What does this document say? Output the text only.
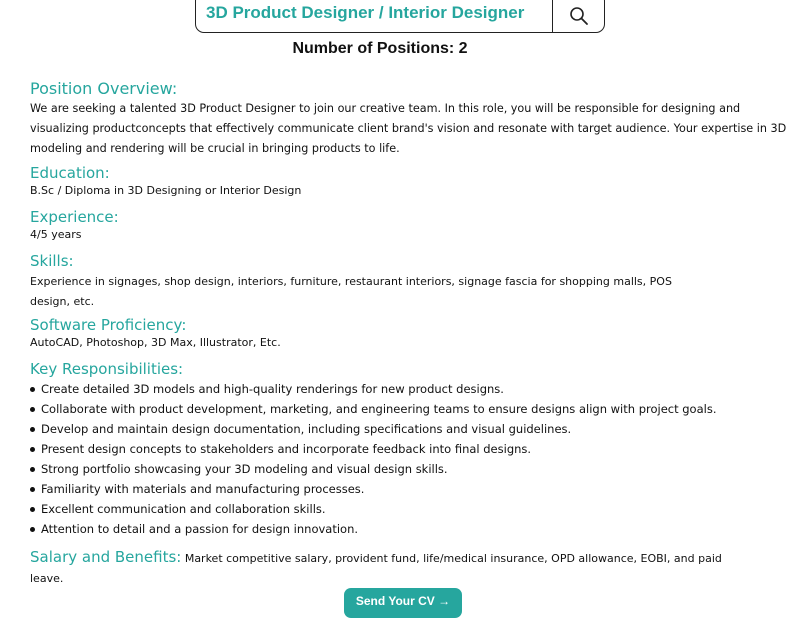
3D Product Designer / Interior Designer
Number of Positions: 2
Position Overview:
We are seeking a talented 3D Product Designer to join our creative team. In this role, you will be responsible for designing and visualizing productconcepts that effectively communicate client brand's vision and resonate with target audience. Your expertise in 3D modeling and rendering will be crucial in bringing products to life.
Education:
B.Sc / Diploma in 3D Designing or Interior Design
Experience:
4/5 years
Skills:
Experience in signages, shop design, interiors, furniture, restaurant interiors, signage fascia for shopping malls, POS design, etc.
Software Proficiency:
AutoCAD, Photoshop, 3D Max, Illustrator, Etc.
Key Responsibilities:
Create detailed 3D models and high-quality renderings for new product designs.
Collaborate with product development, marketing, and engineering teams to ensure designs align with project goals.
Develop and maintain design documentation, including specifications and visual guidelines.
Present design concepts to stakeholders and incorporate feedback into final designs.
Strong portfolio showcasing your 3D modeling and visual design skills.
Familiarity with materials and manufacturing processes.
Excellent communication and collaboration skills.
Attention to detail and a passion for design innovation.
Salary and Benefits: Market competitive salary, provident fund, life/medical insurance, OPD allowance, EOBI, and paid leave.
Send Your CV →
